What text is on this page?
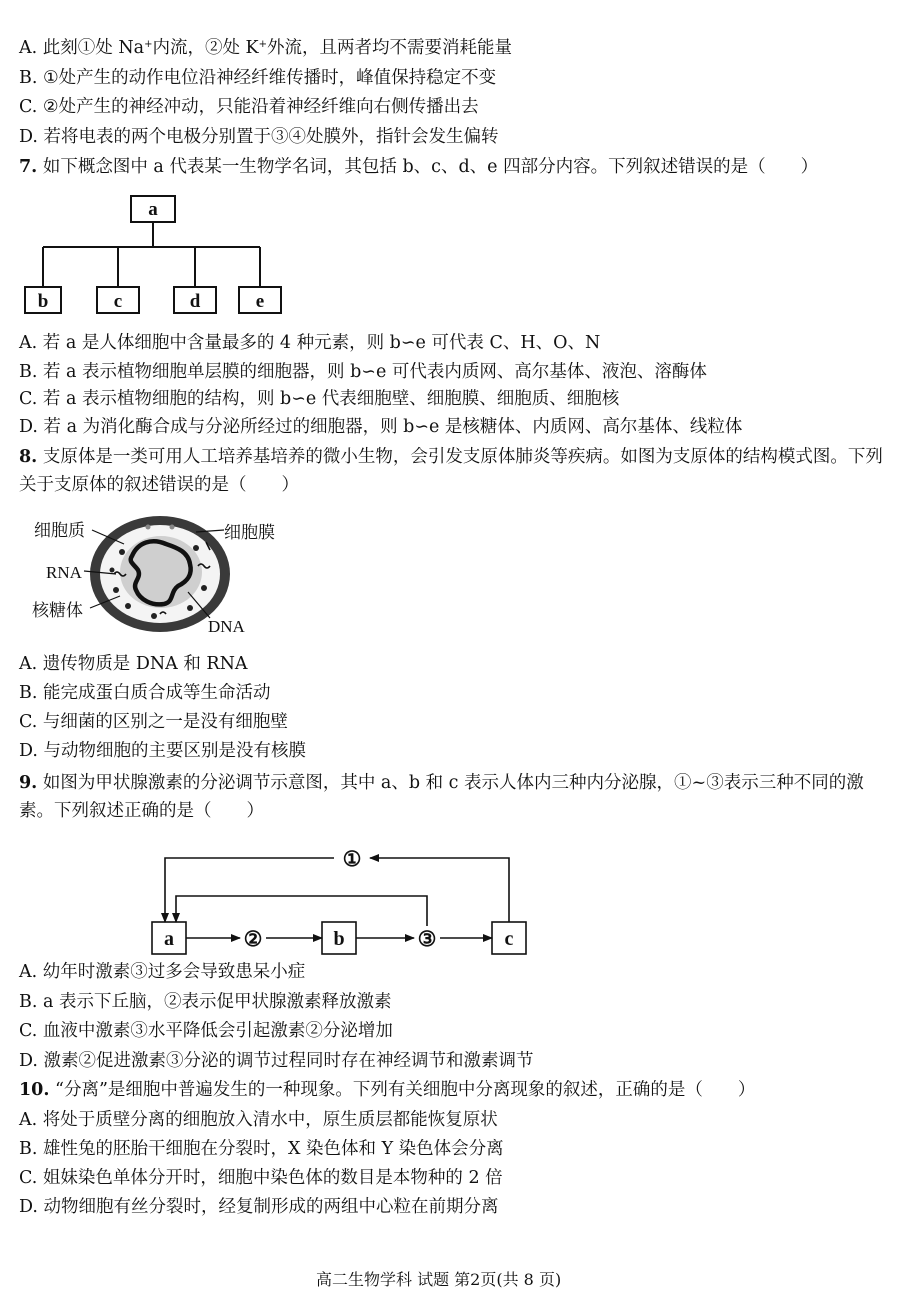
A. 此刻①处 Na+内流，②处 K+外流，且两者均不需要消耗能量
B. ①处产生的动作电位沿神经纤维传播时，峰值保持稳定不变
C. ②处产生的神经冲动，只能沿着神经纤维向右侧传播出去
D. 若将电表的两个电极分别置于③④处膜外，指针会发生偏转
7. 如下概念图中 a 代表某一生物学名词，其包括 b、c、d、e 四部分内容。下列叙述错误的是（　　）
a
b	c	d	e
A. 若 a 是人体细胞中含量最多的 4 种元素，则 b∽e 可代表 C、H、O、N
B. 若 a 表示植物细胞单层膜的细胞器，则 b∽e 可代表内质网、高尔基体、液泡、溶酶体
C. 若 a 表示植物细胞的结构，则 b∽e 代表细胞壁、细胞膜、细胞质、细胞核
D. 若 a 为消化酶合成与分泌所经过的细胞器，则 b∽e 是核糖体、内质网、高尔基体、线粒体
8. 支原体是一类可用人工培养基培养的微小生物，会引发支原体肺炎等疾病。如图为支原体的结构模式图。下列关于支原体的叙述错误的是（　　）
细胞质	细胞膜
RNA
核糖体
DNA
A. 遗传物质是 DNA 和 RNA
B. 能完成蛋白质合成等生命活动
C. 与细菌的区别之一是没有细胞壁
D. 与动物细胞的主要区别是没有核膜
9. 如图为甲状腺激素的分泌调节示意图，其中 a、b 和 c 表示人体内三种内分泌腺，①~③表示三种不同的激素。下列叙述正确的是（　　）
a	b	c
①
②	③
A. 幼年时激素③过多会导致患呆小症
B. a 表示下丘脑，②表示促甲状腺激素释放激素
C. 血液中激素③水平降低会引起激素②分泌增加
D. 激素②促进激素③分泌的调节过程同时存在神经调节和激素调节
10. “分离”是细胞中普遍发生的一种现象。下列有关细胞中分离现象的叙述，正确的是（　　）
A. 将处于质壁分离的细胞放入清水中，原生质层都能恢复原状
B. 雄性兔的胚胎干细胞在分裂时，X 染色体和 Y 染色体会分离
C. 姐妹染色单体分开时，细胞中染色体的数目是本物种的 2 倍
D. 动物细胞有丝分裂时，经复制形成的两组中心粒在前期分离
高二生物学科 试题 第2页(共 8 页)
